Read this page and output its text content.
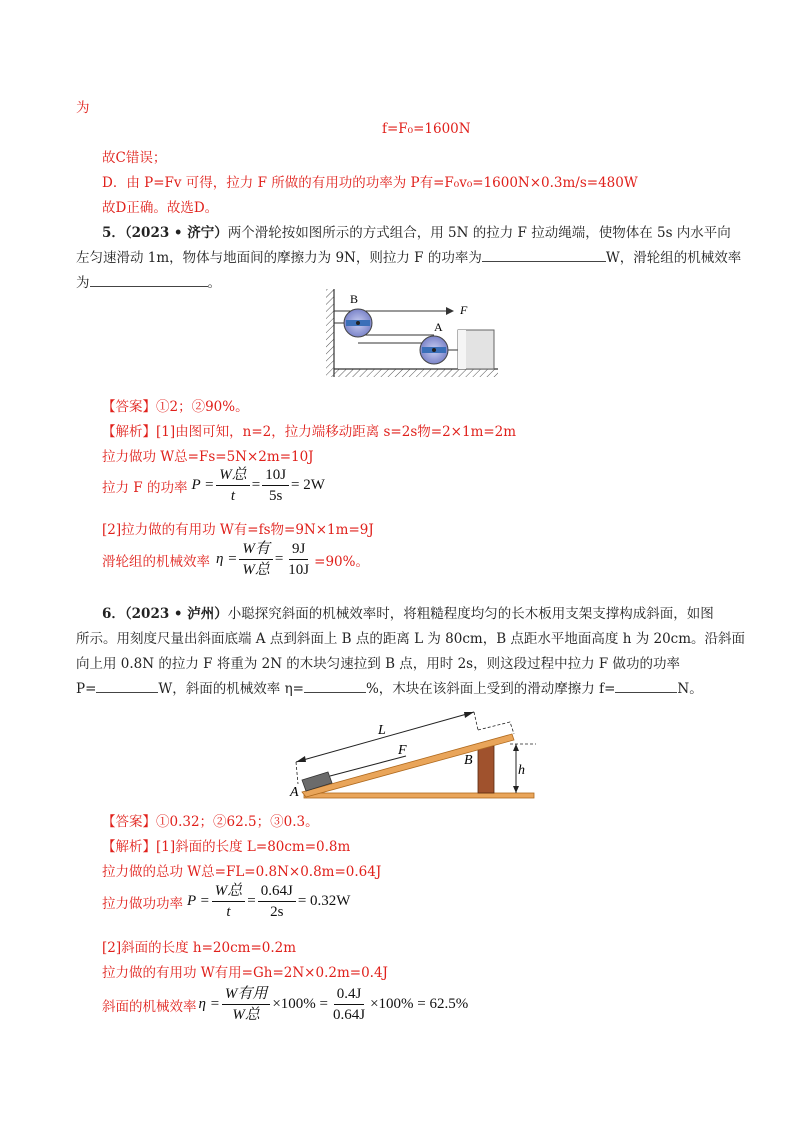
为
f=F₀=1600N
故C错误；
D．由 P=Fv 可得，拉力 F 所做的有用功的功率为 P有=F₀v₀=1600N×0.3m/s=480W
故D正确。故选D。
5．（2023 • 济宁）两个滑轮按如图所示的方式组合，用 5N 的拉力 F 拉动绳端，使物体在 5s 内水平向
左匀速滑动 1m，物体与地面间的摩擦力为 9N，则拉力 F 的功率为	W，滑轮组的机械效率
为	。
B
A
F
【答案】①2；②90%。
【解析】[1]由图可知，n=2，拉力端移动距离 s=2s物=2×1m=2m
拉力做功 W总=Fs=5N×2m=10J
拉力 F 的功率 $P = \frac{\text{W总}}{t} = \frac{10J}{5s} = 2W$
[2]拉力做的有用功 W有=fs物=9N×1m=9J
滑轮组的机械效率 $\eta = \frac{\text{W有}}{\text{W总}} = \frac{9J}{10J} =90\%$。
6．（2023 • 泸州）小聪探究斜面的机械效率时，将粗糙程度均匀的长木板用支架支撑构成斜面，如图
所示。用刻度尺量出斜面底端 A 点到斜面上 B 点的距离 L 为 80cm，B 点距水平地面高度 h 为 20cm。沿斜面
向上用 0.8N 的拉力 F 将重为 2N 的木块匀速拉到 B 点，用时 2s，则这段过程中拉力 F 做功的功率
P=	W，斜面的机械效率 η=	%，木块在该斜面上受到的滑动摩擦力 f=	N。
L
F
A
B
h
【答案】①0.32；②62.5；③0.3。
【解析】[1]斜面的长度 L=80cm=0.8m
拉力做的总功 W总=FL=0.8N×0.8m=0.64J
拉力做功功率 $P = \frac{\text{W总}}{t} = \frac{0.64J}{2s} = 0.32W$
[2]斜面的长度 h=20cm=0.2m
拉力做的有用功 W有用=Gh=2N×0.2m=0.4J
斜面的机械效率 $\eta = \frac{\text{W有用}}{\text{W总}} \times 100\% = \frac{0.4J}{0.64J} \times 100\% = 62.5\%$
